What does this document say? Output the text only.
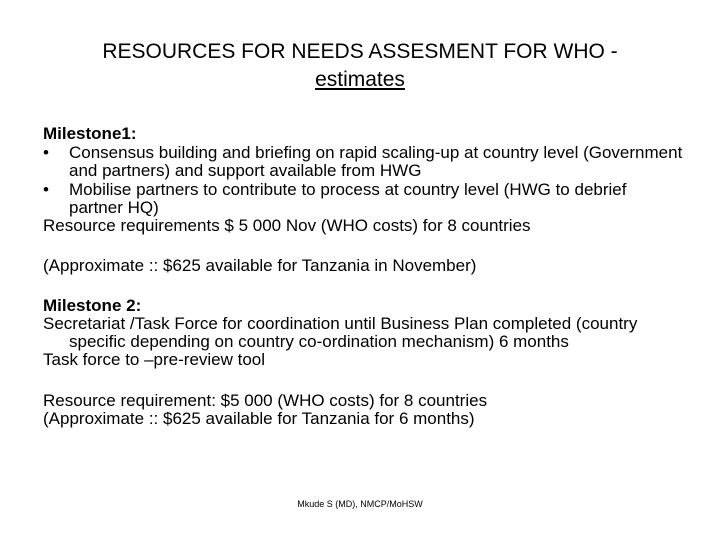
RESOURCES FOR NEEDS ASSESMENT FOR WHO -
estimates
Milestone1:
•	Consensus building and briefing on rapid scaling-up at country level (Government and partners) and support available from HWG
•	Mobilise partners to contribute to process at country level (HWG to debrief partner HQ)
Resource requirements $ 5 000 Nov (WHO costs) for 8 countries
(Approximate :: $625 available for Tanzania in November)
Milestone 2:
Secretariat /Task Force for coordination until Business Plan completed (country specific depending on country co-ordination mechanism) 6 months
Task force to –pre-review tool
Resource requirement: $5 000 (WHO costs) for 8 countries
(Approximate :: $625 available for Tanzania for 6 months)
Mkude S (MD), NMCP/MoHSW
